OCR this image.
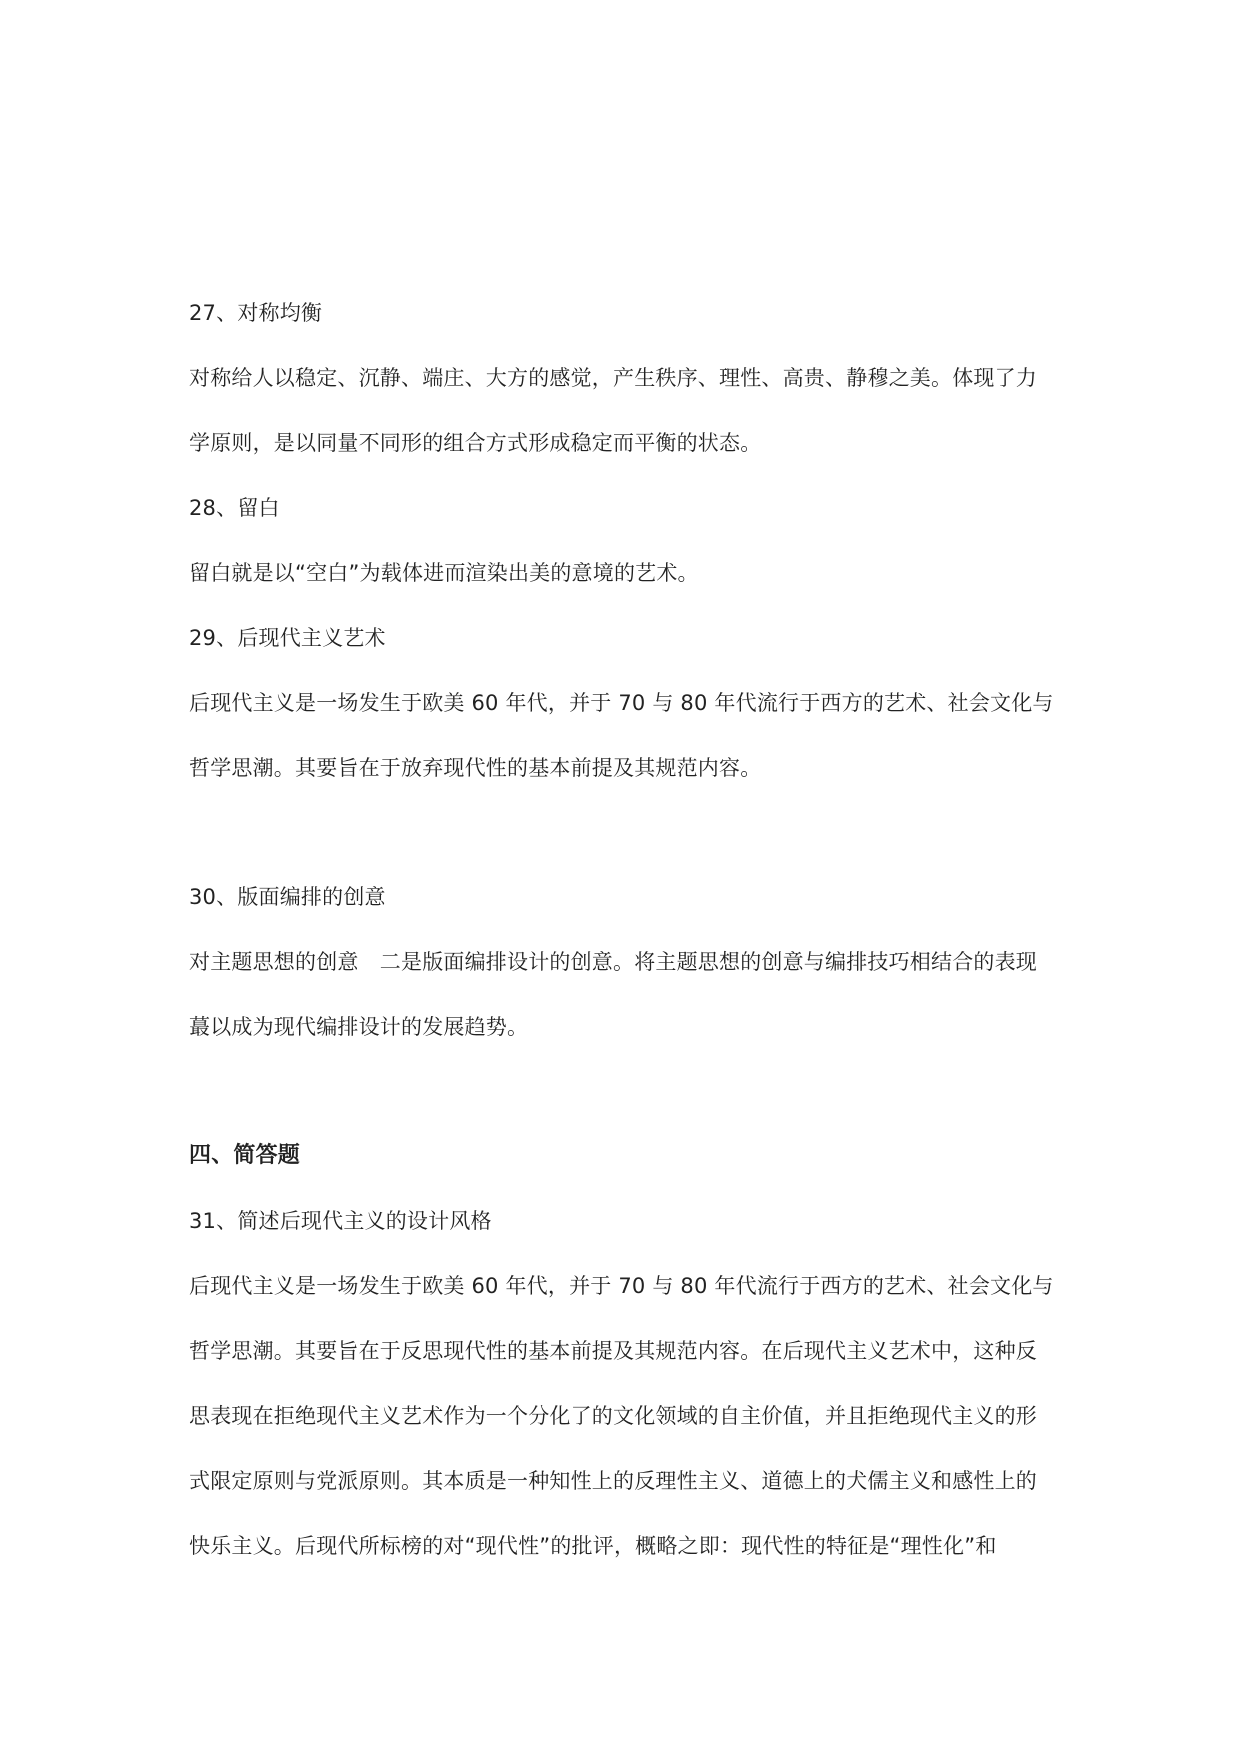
27、对称均衡
对称给人以稳定、沉静、端庄、大方的感觉，产生秩序、理性、高贵、静穆之美。体现了力
学原则，是以同量不同形的组合方式形成稳定而平衡的状态。
28、留白
留白就是以“空白”为载体进而渲染出美的意境的艺术。
29、后现代主义艺术
后现代主义是一场发生于欧美 60 年代，并于 70 与 80 年代流行于西方的艺术、社会文化与
哲学思潮。其要旨在于放弃现代性的基本前提及其规范内容。
30、版面编排的创意
对主题思想的创意　二是版面编排设计的创意。将主题思想的创意与编排技巧相结合的表现
蕞以成为现代编排设计的发展趋势。
四、简答题
31、简述后现代主义的设计风格
后现代主义是一场发生于欧美 60 年代，并于 70 与 80 年代流行于西方的艺术、社会文化与
哲学思潮。其要旨在于反思现代性的基本前提及其规范内容。在后现代主义艺术中，这种反
思表现在拒绝现代主义艺术作为一个分化了的文化领域的自主价值，并且拒绝现代主义的形
式限定原则与党派原则。其本质是一种知性上的反理性主义、道德上的犬儒主义和感性上的
快乐主义。后现代所标榜的对“现代性”的批评，概略之即：现代性的特征是“理性化”和
